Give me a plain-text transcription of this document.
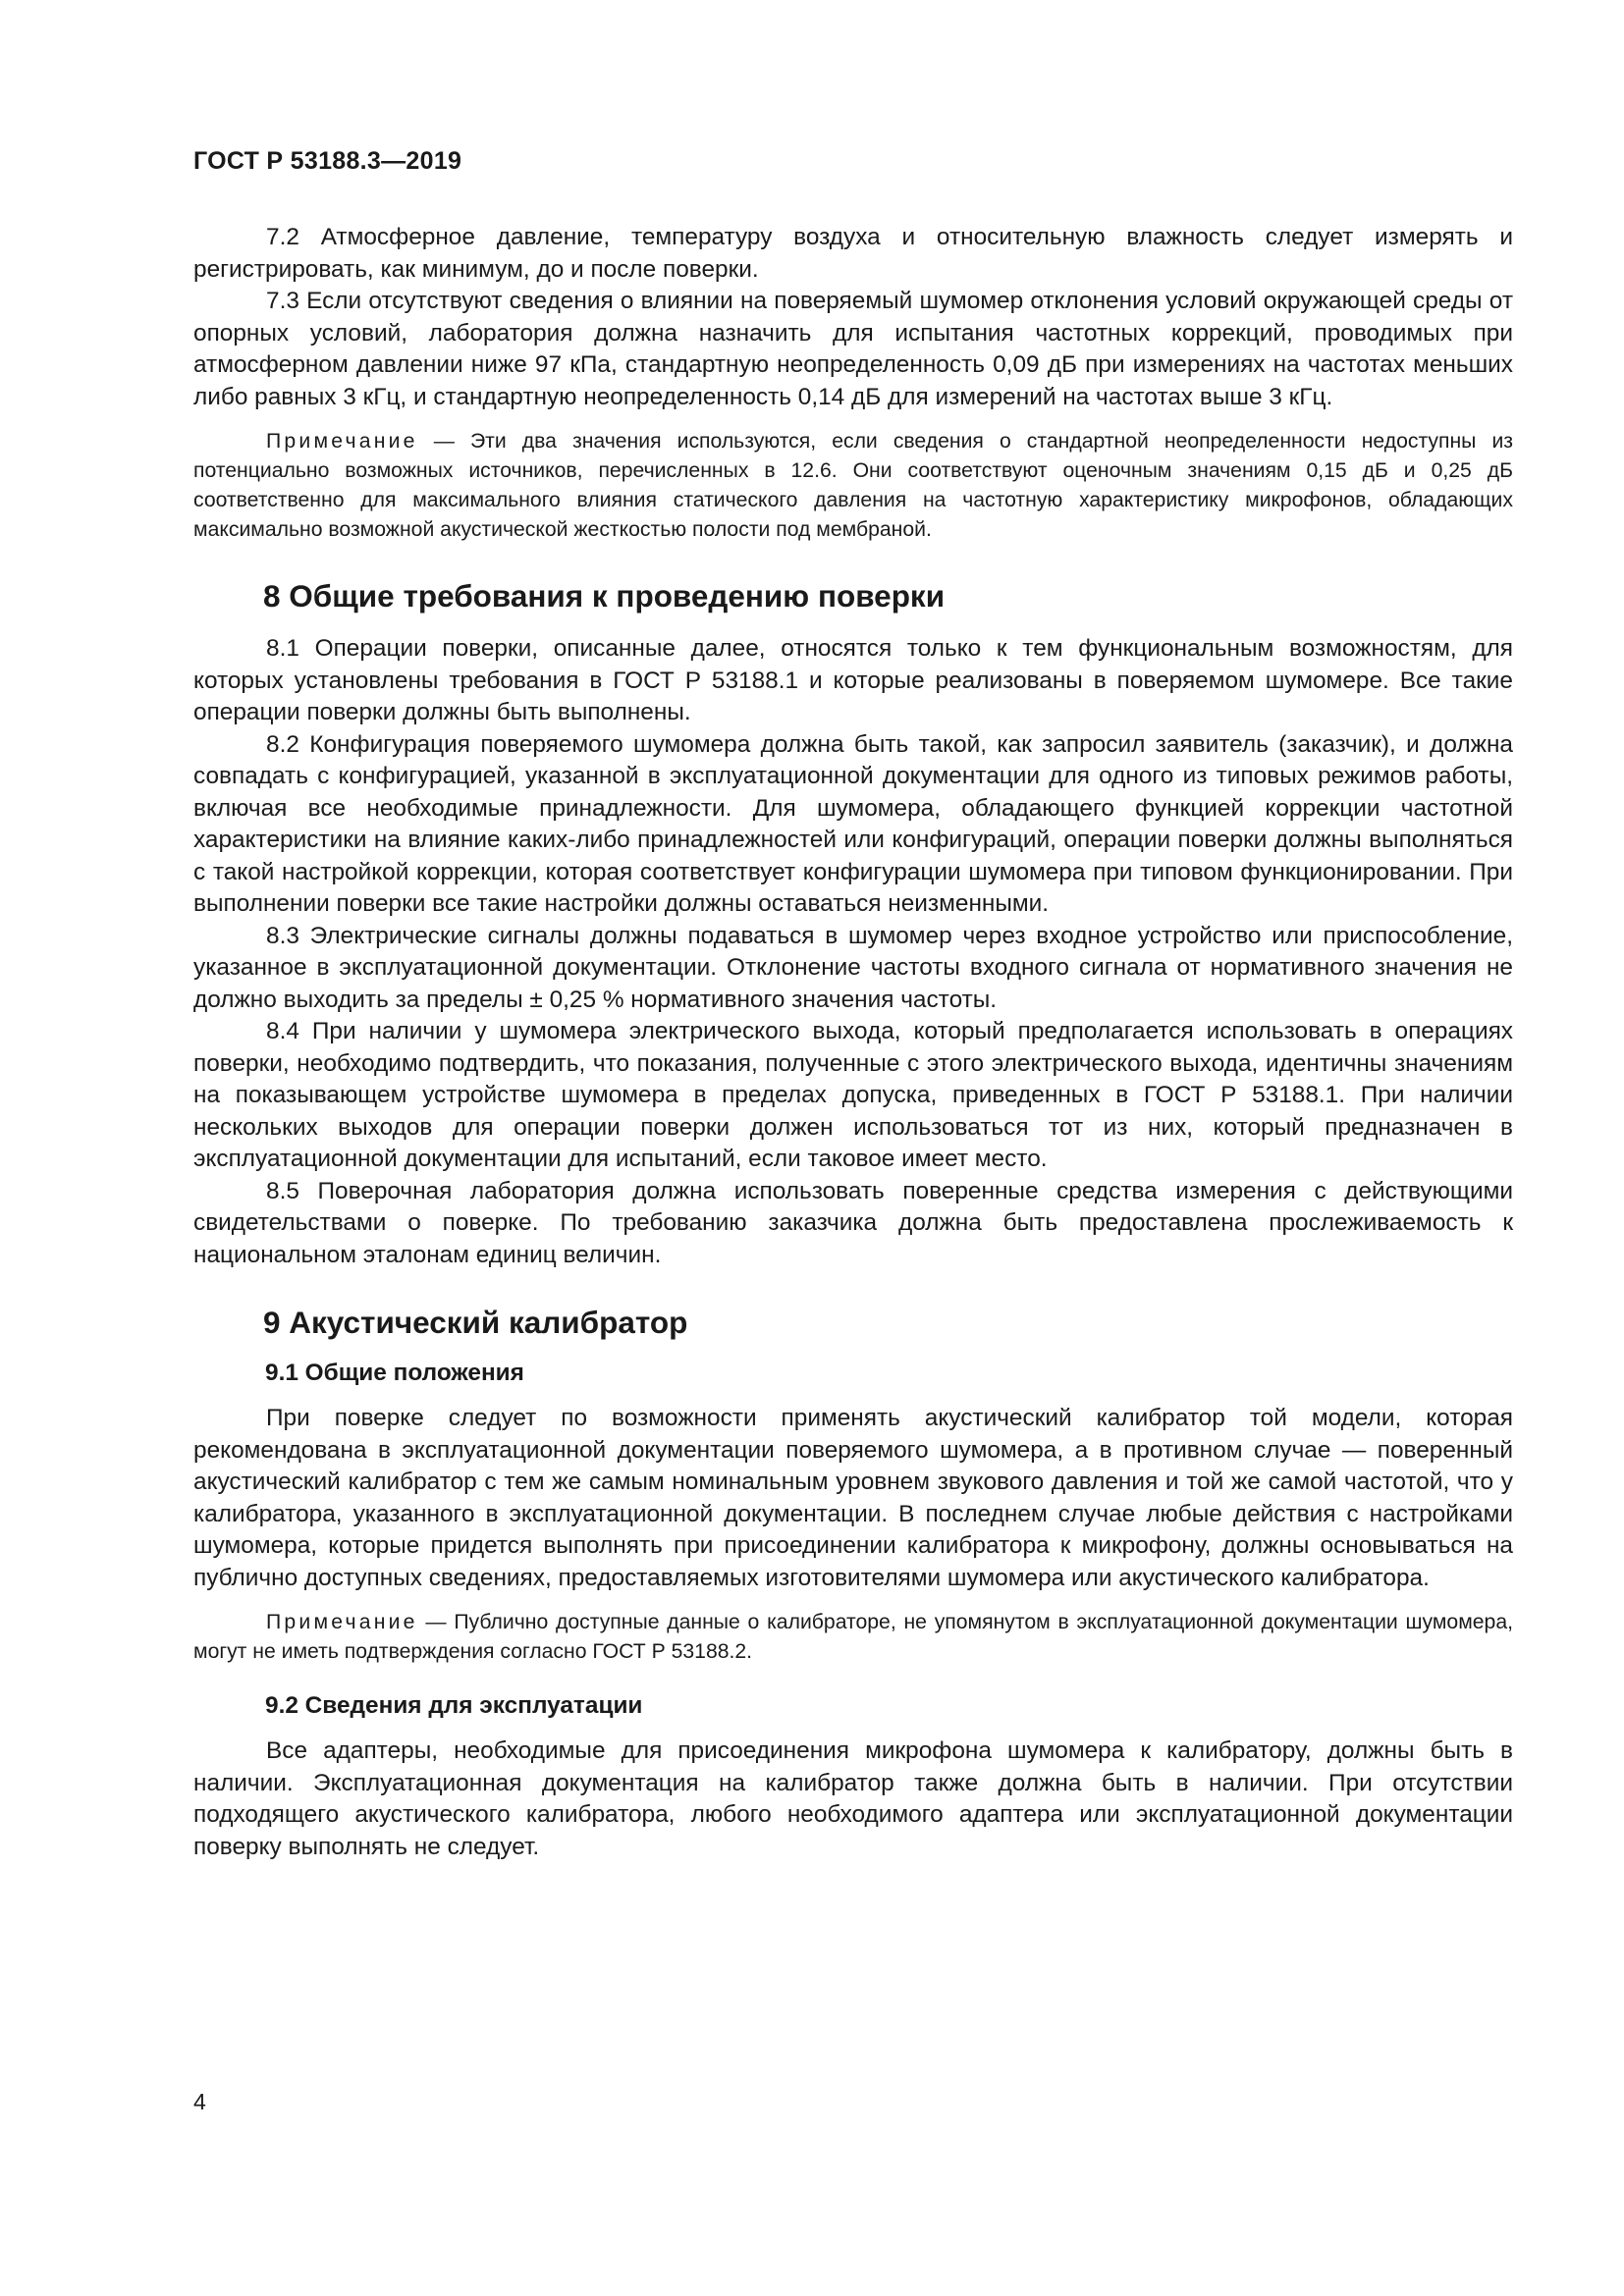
ГОСТ Р 53188.3—2019

7.2 Атмосферное давление, температуру воздуха и относительную влажность следует измерять и регистрировать, как минимум, до и после поверки.

7.3 Если отсутствуют сведения о влиянии на поверяемый шумомер отклонения условий окружающей среды от опорных условий, лаборатория должна назначить для испытания частотных коррекций, проводимых при атмосферном давлении ниже 97 кПа, стандартную неопределенность 0,09 дБ при измерениях на частотах меньших либо равных 3 кГц, и стандартную неопределенность 0,14 дБ для измерений на частотах выше 3 кГц.

Примечание — Эти два значения используются, если сведения о стандартной неопределенности недоступны из потенциально возможных источников, перечисленных в 12.6. Они соответствуют оценочным значениям 0,15 дБ и 0,25 дБ соответственно для максимального влияния статического давления на частотную характеристику микрофонов, обладающих максимально возможной акустической жесткостью полости под мембраной.

8 Общие требования к проведению поверки

8.1 Операции поверки, описанные далее, относятся только к тем функциональным возможностям, для которых установлены требования в ГОСТ Р 53188.1 и которые реализованы в поверяемом шумомере. Все такие операции поверки должны быть выполнены.

8.2 Конфигурация поверяемого шумомера должна быть такой, как запросил заявитель (заказчик), и должна совпадать с конфигурацией, указанной в эксплуатационной документации для одного из типовых режимов работы, включая все необходимые принадлежности. Для шумомера, обладающего функцией коррекции частотной характеристики на влияние каких-либо принадлежностей или конфигураций, операции поверки должны выполняться с такой настройкой коррекции, которая соответствует конфигурации шумомера при типовом функционировании. При выполнении поверки все такие настройки должны оставаться неизменными.

8.3 Электрические сигналы должны подаваться в шумомер через входное устройство или приспособление, указанное в эксплуатационной документации. Отклонение частоты входного сигнала от нормативного значения не должно выходить за пределы ± 0,25 % нормативного значения частоты.

8.4 При наличии у шумомера электрического выхода, который предполагается использовать в операциях поверки, необходимо подтвердить, что показания, полученные с этого электрического выхода, идентичны значениям на показывающем устройстве шумомера в пределах допуска, приведенных в ГОСТ Р 53188.1. При наличии нескольких выходов для операции поверки должен использоваться тот из них, который предназначен в эксплуатационной документации для испытаний, если таковое имеет место.

8.5 Поверочная лаборатория должна использовать поверенные средства измерения с действующими свидетельствами о поверке. По требованию заказчика должна быть предоставлена прослеживаемость к национальном эталонам единиц величин.

9 Акустический калибратор
9.1 Общие положения

При поверке следует по возможности применять акустический калибратор той модели, которая рекомендована в эксплуатационной документации поверяемого шумомера, а в противном случае — поверенный акустический калибратор с тем же самым номинальным уровнем звукового давления и той же самой частотой, что у калибратора, указанного в эксплуатационной документации. В последнем случае любые действия с настройками шумомера, которые придется выполнять при присоединении калибратора к микрофону, должны основываться на публично доступных сведениях, предоставляемых изготовителями шумомера или акустического калибратора.

Примечание — Публично доступные данные о калибраторе, не упомянутом в эксплуатационной документации шумомера, могут не иметь подтверждения согласно ГОСТ Р 53188.2.

9.2 Сведения для эксплуатации

Все адаптеры, необходимые для присоединения микрофона шумомера к калибратору, должны быть в наличии. Эксплуатационная документация на калибратор также должна быть в наличии. При отсутствии подходящего акустического калибратора, любого необходимого адаптера или эксплуатационной документации поверку выполнять не следует.

4
